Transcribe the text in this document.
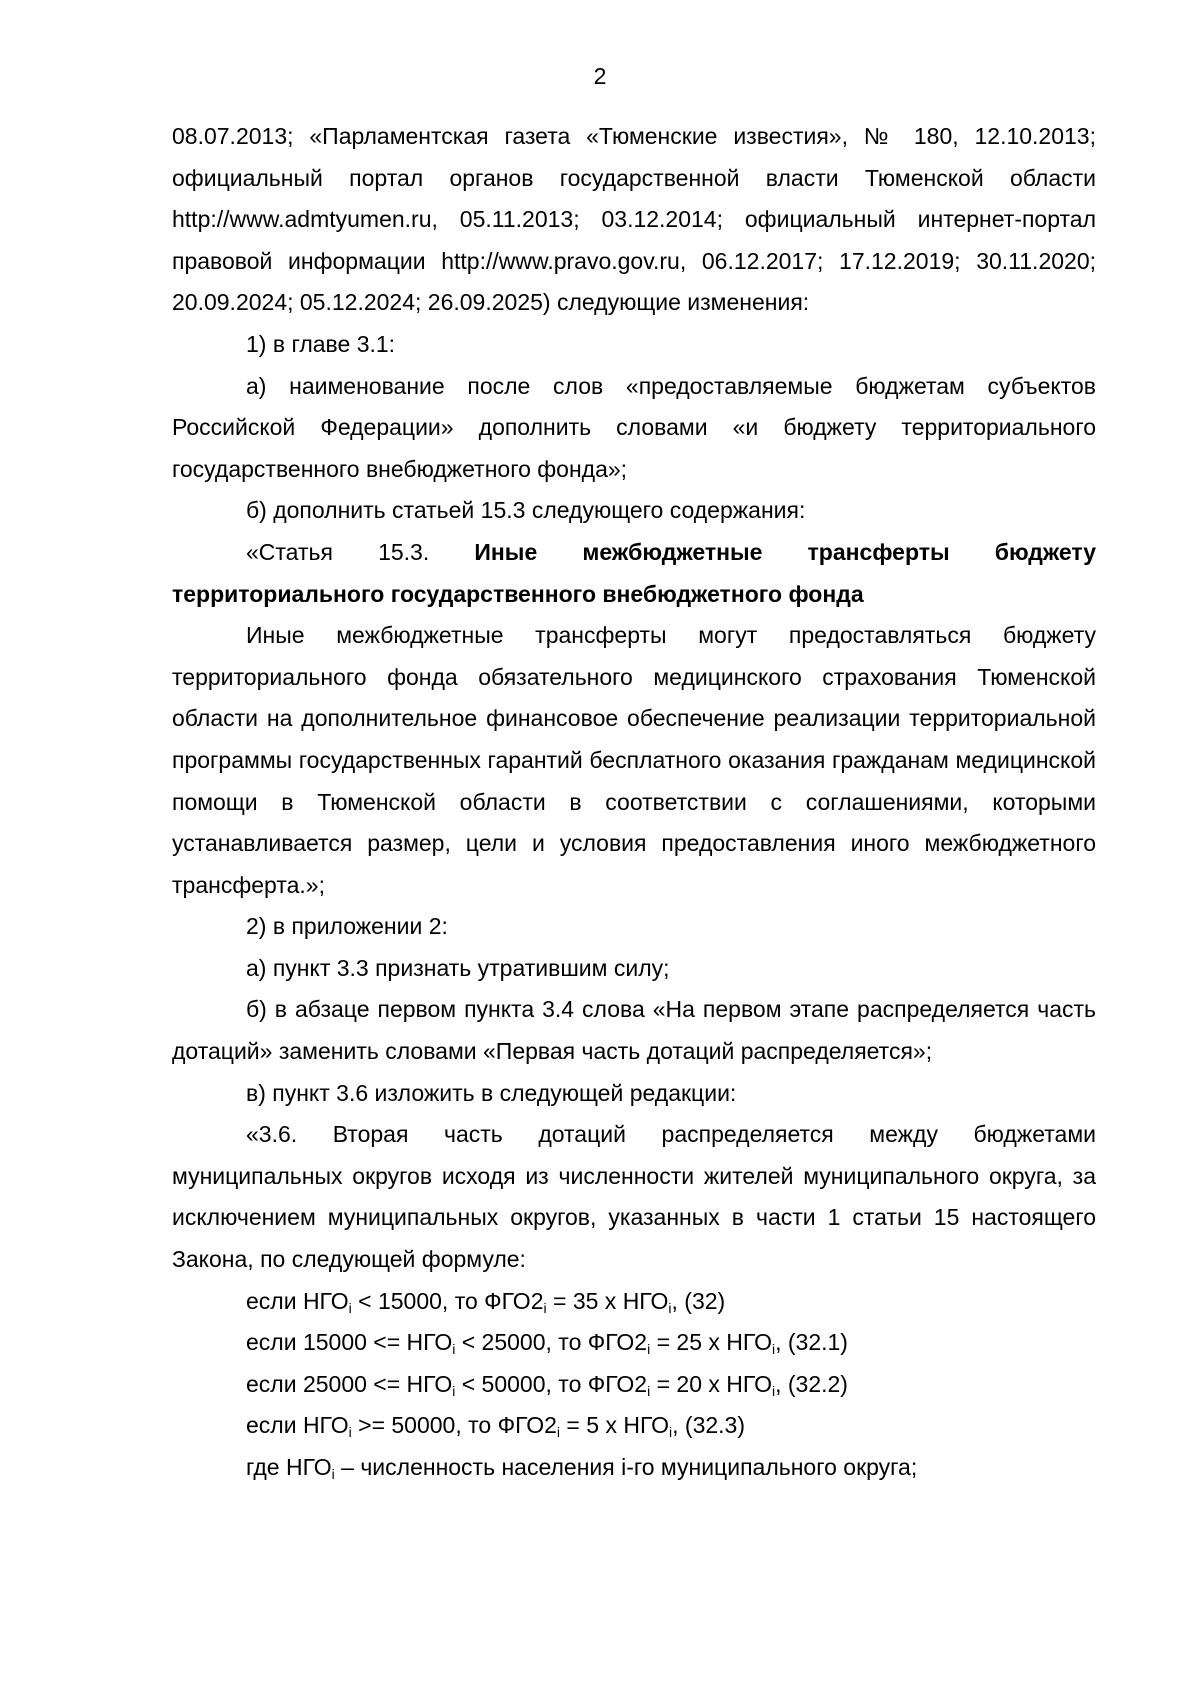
2

08.07.2013; «Парламентская газета «Тюменские известия», № 180, 12.10.2013; официальный портал органов государственной власти Тюменской области http://www.admtyumen.ru, 05.11.2013; 03.12.2014; официальный интернет-портал правовой информации http://www.pravo.gov.ru, 06.12.2017; 17.12.2019; 30.11.2020; 20.09.2024; 05.12.2024; 26.09.2025) следующие изменения:

1) в главе 3.1:

а) наименование после слов «предоставляемые бюджетам субъектов Российской Федерации» дополнить словами «и бюджету территориального государственного внебюджетного фонда»;

б) дополнить статьей 15.3 следующего содержания:

«Статья 15.3. Иные межбюджетные трансферты бюджету территориального государственного внебюджетного фонда

Иные межбюджетные трансферты могут предоставляться бюджету территориального фонда обязательного медицинского страхования Тюменской области на дополнительное финансовое обеспечение реализации территориальной программы государственных гарантий бесплатного оказания гражданам медицинской помощи в Тюменской области в соответствии с соглашениями, которыми устанавливается размер, цели и условия предоставления иного межбюджетного трансферта.»;

2) в приложении 2:

а) пункт 3.3 признать утратившим силу;

б) в абзаце первом пункта 3.4 слова «На первом этапе распределяется часть дотаций» заменить словами «Первая часть дотаций распределяется»;

в) пункт 3.6 изложить в следующей редакции:

«3.6. Вторая часть дотаций распределяется между бюджетами муниципальных округов исходя из численности жителей муниципального округа, за исключением муниципальных округов, указанных в части 1 статьи 15 настоящего Закона, по следующей формуле:

если $НГО_i < 15000$, то $ФГО2_i = 35$ x $НГО_i$, (32)

если $15000 <= НГО_i < 25000$, то $ФГО2_i = 25$ x $НГО_i$, (32.1)

если $25000 <= НГО_i < 50000$, то $ФГО2_i = 20$ x $НГО_i$, (32.2)

если $НГО_i >= 50000$, то $ФГО2_i = 5$ x $НГО_i$, (32.3)

где $НГО_i$ – численность населения i-го муниципального округа;
